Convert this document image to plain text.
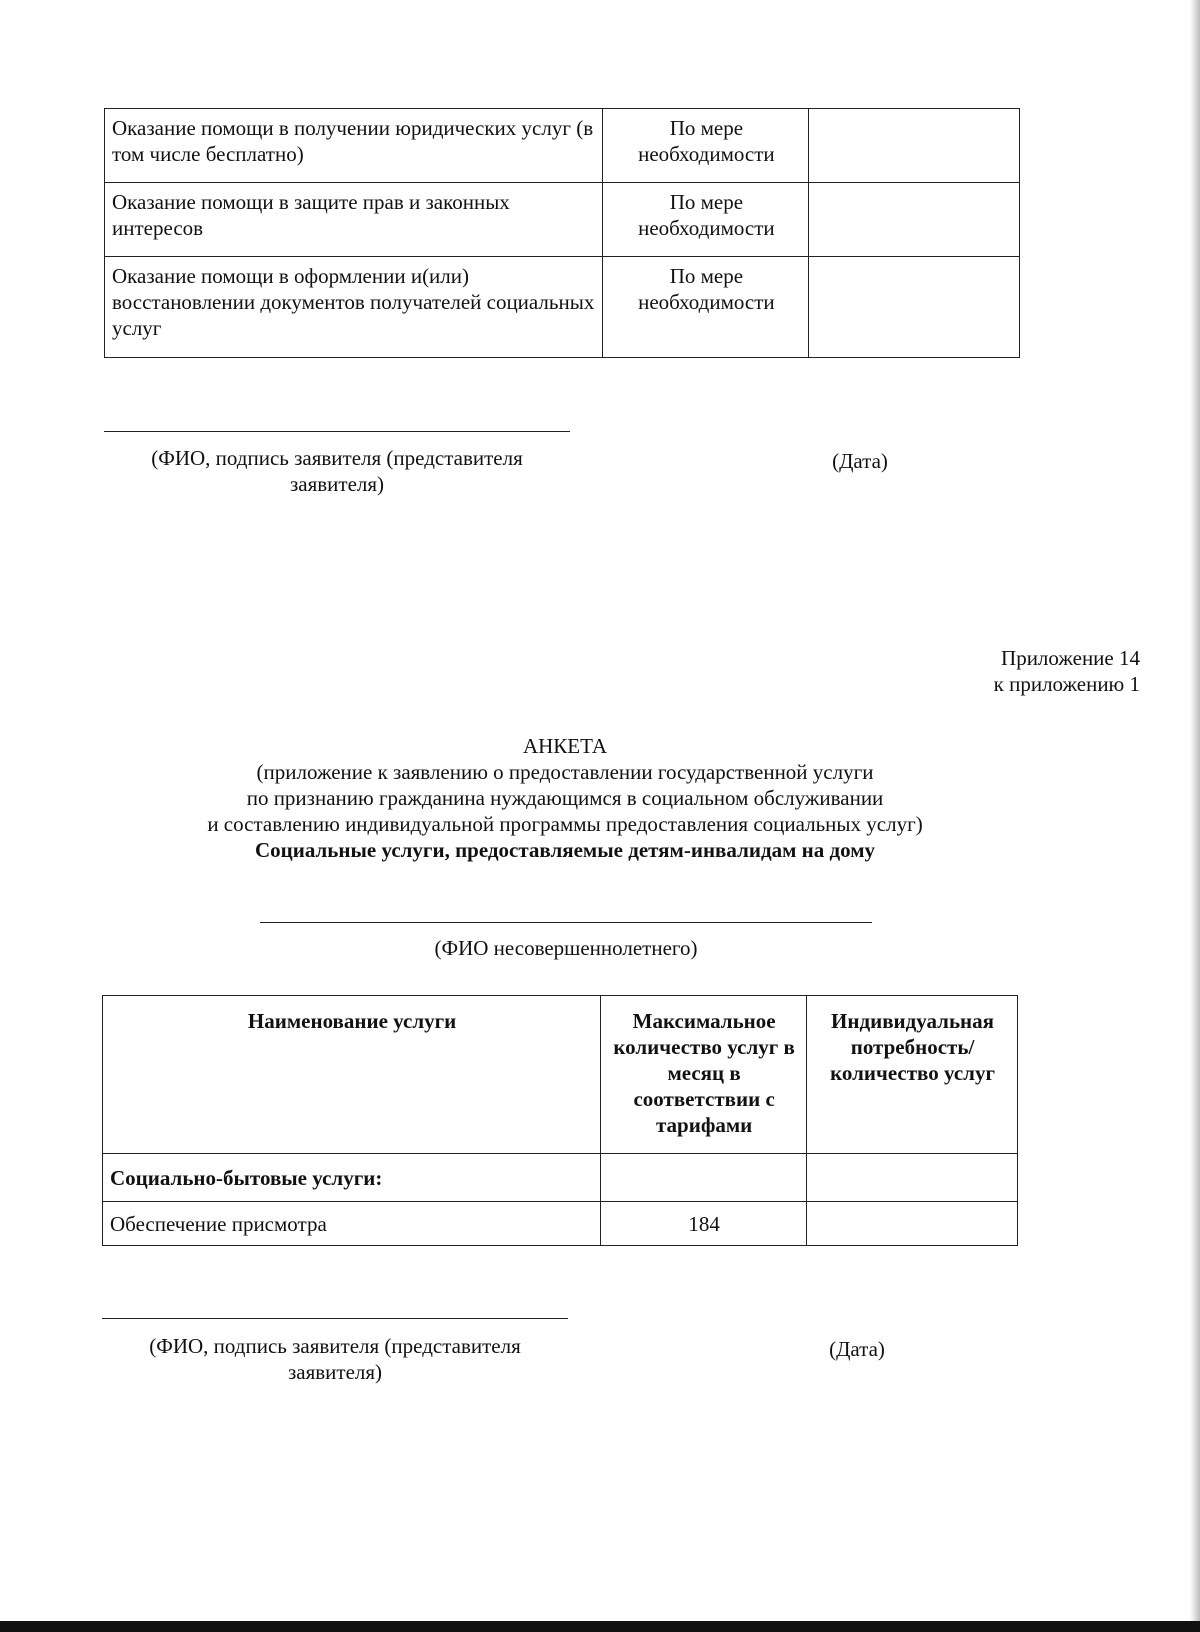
Оказание помощи в получении юридических услуг (в том числе бесплатно)	По мере необходимости	
Оказание помощи в защите прав и законных интересов	По мере необходимости	
Оказание помощи в оформлении и(или) восстановлении документов получателей социальных услуг	По мере необходимости	
(ФИО, подпись заявителя (представителя
заявителя)
(Дата)
Приложение 14
к приложению 1
АНКЕТА
(приложение к заявлению о предоставлении государственной услуги
по признанию гражданина нуждающимся в социальном обслуживании
и составлению индивидуальной программы предоставления социальных услуг)
Социальные услуги, предоставляемые детям-инвалидам на дому
(ФИО несовершеннолетнего)
Наименование услуги	Максимальное количество услуг в месяц в соответствии с тарифами	Индивидуальная потребность/количество услуг
Социально-бытовые услуги:		
Обеспечение присмотра	184	
(ФИО, подпись заявителя (представителя
заявителя)
(Дата)
